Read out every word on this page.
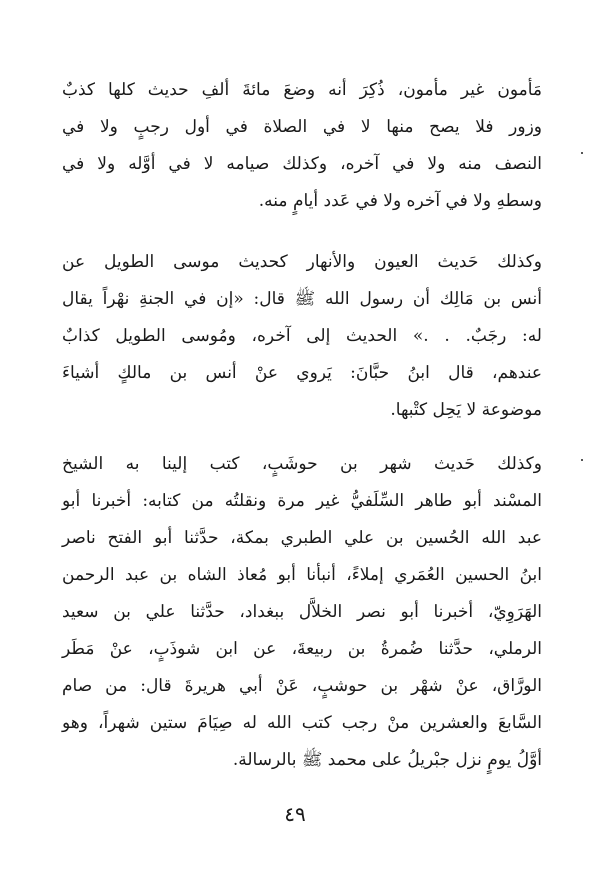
مَأمون غير مأمون، ذُكِرَ أنه وضعَ مائةَ ألفِ حديث كلها كذبٌ
وزور فلا يصح منها لا في الصلاة في أول رجبٍ ولا في
النصف منه ولا في آخره، وكذلك صيامه لا في أوَّله ولا في
وسطهِ ولا في آخره ولا في عَدد أيامٍ منه.

وكذلك حَديث العيون والأنهار كحديث موسى الطويل عن
أنس بن مَالِك أن رسول الله ﷺ قال: «إن في الجنةِ نهْراً يقال
له: رجَبٌ. . .» الحديث إلى آخره، ومُوسى الطويل كذابٌ
عندهم، قال ابنُ حبَّانَ: يَروي عنْ أنس بن مالكٍ أشياءَ
موضوعة لا يَحِل كتْبها.

وكذلك حَديث شهر بن حوشَبٍ، كتب إلينا به الشيخ
المسْند أبو طاهر السِّلَفيُّ غير مرة ونقلتُه من كتابه: أخبرنا أبو
عبد الله الحُسين بن علي الطبري بمكة، حدَّثنا أبو الفتح ناصر
ابنُ الحسين العُمَري إملاءً، أنبأنا أبو مُعاذ الشاه بن عبد الرحمن
الهَرَوِيّ، أخبرنا أبو نصر الخلاَّل ببغداد، حدَّثنا علي بن سعيد
الرملي، حدَّثنا ضُمرةُ بن ربيعةَ، عن ابن شوذَبٍ، عنْ مَطَر
الورَّاق، عنْ شهْر بن حوشبٍ، عَنْ أبي هريرةَ قال: من صام
السَّابعَ والعشرين منْ رجب كتب الله له صِيَامَ ستين شهراً، وهو
أوَّلُ يومٍ نزل جبْريلُ على محمد ﷺ بالرسالة.

٤٩
